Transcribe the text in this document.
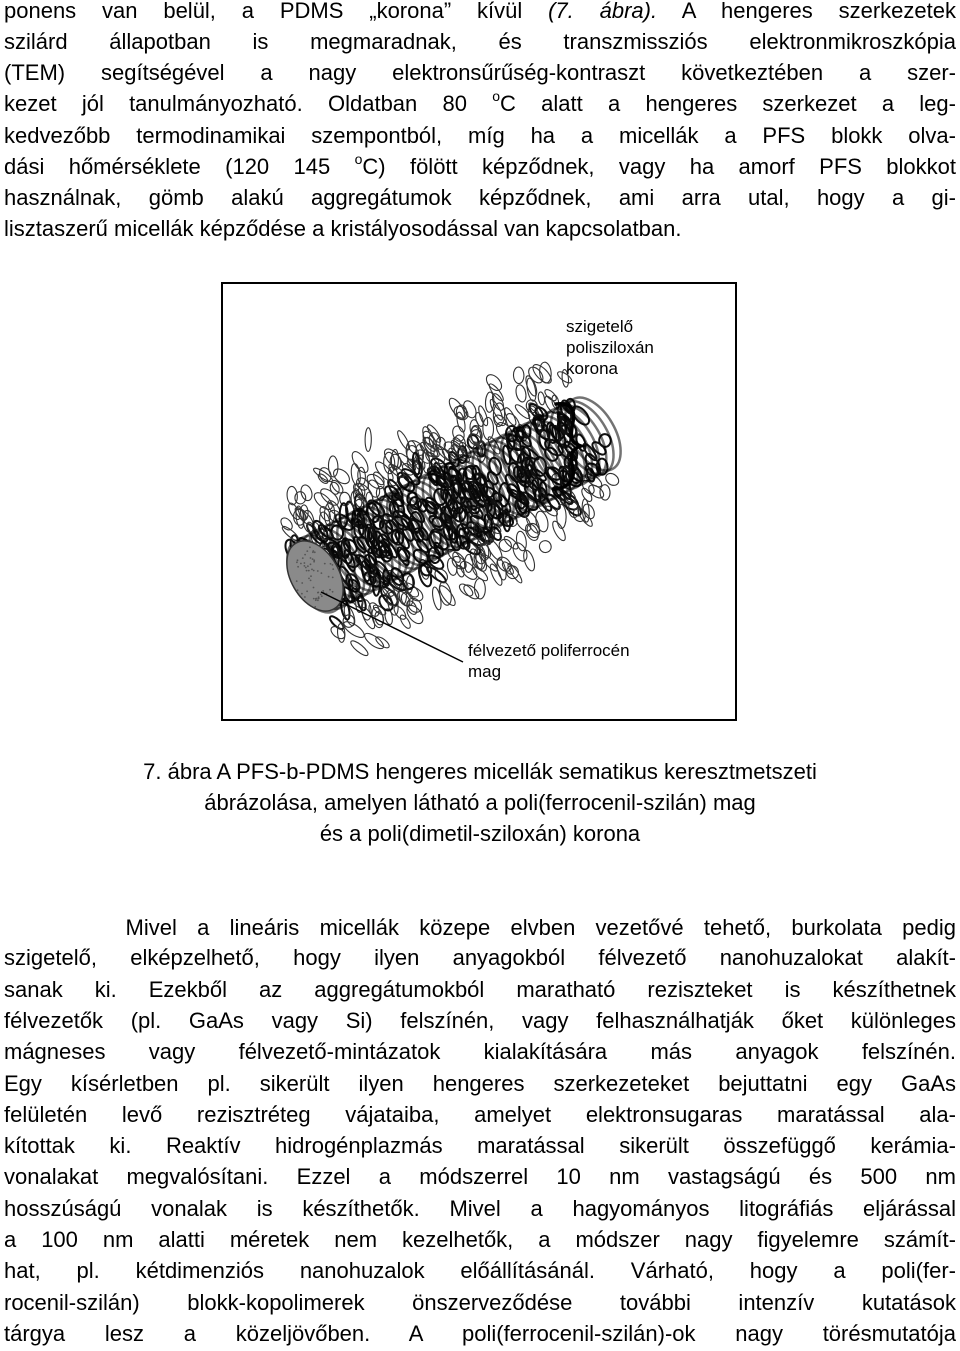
ponens van belül, a PDMS „korona” kívül (7. ábra). A hengeres szerkezetek
szilárd állapotban is megmaradnak, és transzmissziós elektronmikroszkópia
(TEM) segítségével a nagy elektronsűrűség-kontraszt következtében a szer-
kezet jól tanulmányozható. Oldatban 80 $^o$C alatt a hengeres szerkezet a leg-
kedvezőbb termodinamikai szempontból, míg ha a micellák a PFS blokk olva-
dási hőmérséklete (120 145 $^o$C) fölött képződnek, vagy ha amorf PFS blokkot
használnak, gömb alakú aggregátumok képződnek, ami arra utal, hogy a gi-
lisztaszerű micellák képződése a kristályosodással van kapcsolatban.
szigetelő
polisziloxán
korona
félvezető poliferrocén
mag
7. ábra A PFS-b-PDMS hengeres micellák sematikus keresztmetszeti
ábrázolása, amelyen látható a poli(ferrocenil-szilán) mag
és a poli(dimetil-sziloxán) korona
Mivel a lineáris micellák közepe elvben vezetővé tehető, burkolata pedig
szigetelő, elképzelhető, hogy ilyen anyagokból félvezető nanohuzalokat alakít-
sanak ki. Ezekből az aggregátumokból maratható reziszteket is készíthetnek
félvezetők (pl. GaAs vagy Si) felszínén, vagy felhasználhatják őket különleges
mágneses vagy félvezető-mintázatok kialakítására más anyagok felszínén.
Egy kísérletben pl. sikerült ilyen hengeres szerkezeteket bejuttatni egy GaAs
felületén levő rezisztréteg vájataiba, amelyet elektronsugaras maratással ala-
kítottak ki. Reaktív hidrogénplazmás maratással sikerült összefüggő kerámia-
vonalakat megvalósítani. Ezzel a módszerrel 10 nm vastagságú és 500 nm
hosszúságú vonalak is készíthetők. Mivel a hagyományos litográfiás eljárással
a 100 nm alatti méretek nem kezelhetők, a módszer nagy figyelemre számít-
hat, pl. kétdimenziós nanohuzalok előállításánál. Várható, hogy a poli(fer-
rocenil-szilán) blokk-kopolimerek önszerveződése további intenzív kutatások
tárgya lesz a közeljövőben. A poli(ferrocenil-szilán)-ok nagy törésmutatója
